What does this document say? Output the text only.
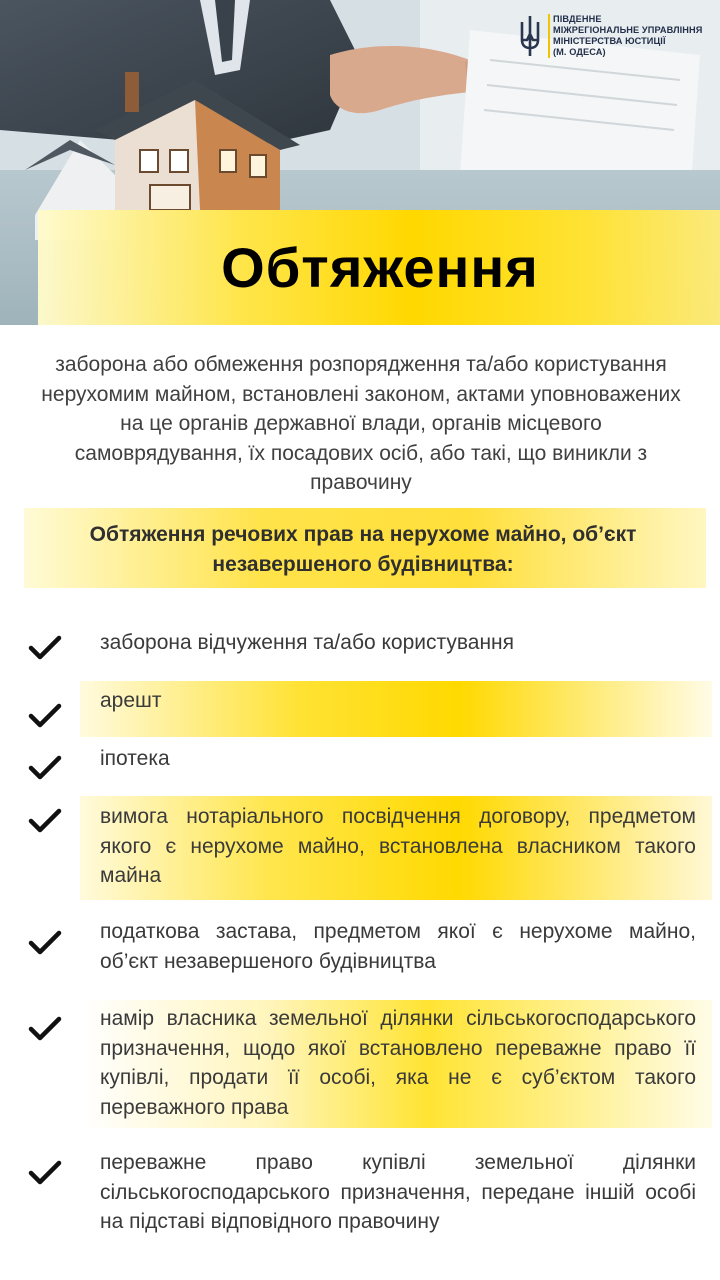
ПІВДЕННЕ
МІЖРЕГІОНАЛЬНЕ УПРАВЛІННЯ
МІНІСТЕРСТВА ЮСТИЦІЇ
(М. ОДЕСА)
Обтяження
заборона або обмеження розпорядження та/або користування нерухомим майном, встановлені законом, актами уповноважених на це органів державної влади, органів місцевого самоврядування, їх посадових осіб, або такі, що виникли з правочину
Обтяження речових прав на нерухоме майно, об’єкт незавершеного будівництва:
заборона відчуження та/або користування
арешт
іпотека
вимога нотаріального посвідчення договору, предметом якого є нерухоме майно, встановлена власником такого майна
податкова застава, предметом якої є нерухоме майно, об’єкт незавершеного будівництва
намір власника земельної ділянки сільськогосподарського призначення, щодо якої встановлено переважне право її купівлі, продати її особі, яка не є суб’єктом такого переважного права
переважне право купівлі земельної ділянки сільськогосподарського призначення, передане іншій особі на підставі відповідного правочину
